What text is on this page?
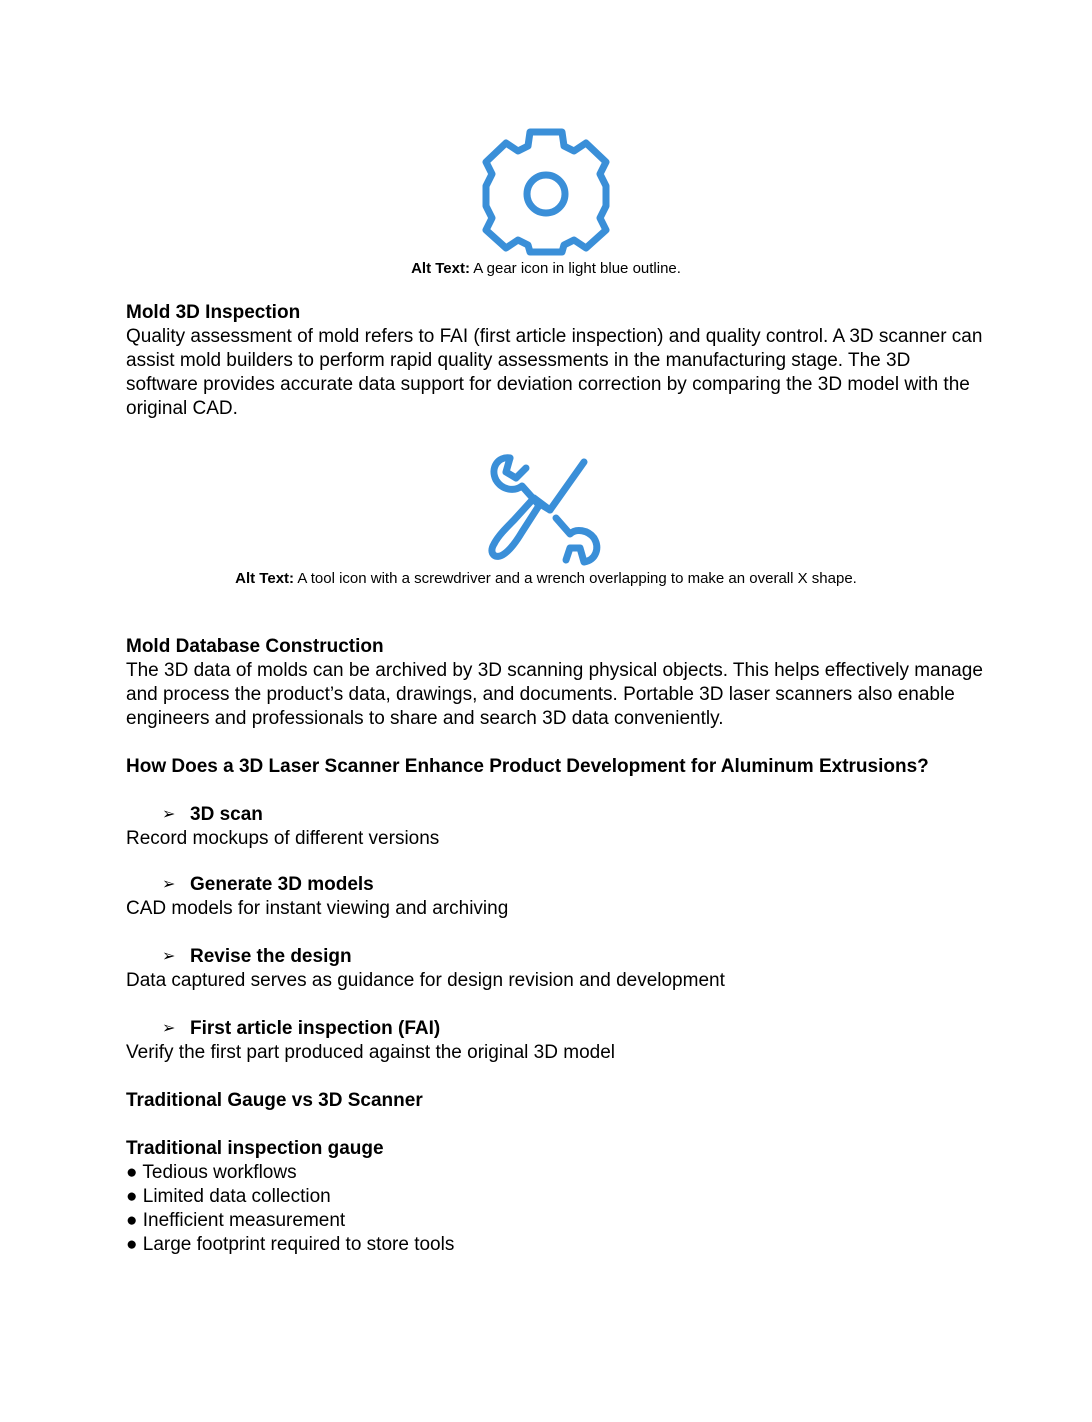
Alt Text: A gear icon in light blue outline.

Mold 3D Inspection

Quality assessment of mold refers to FAI (first article inspection) and quality control. A 3D scanner can assist mold builders to perform rapid quality assessments in the manufacturing stage. The 3D software provides accurate data support for deviation correction by comparing the 3D model with the original CAD.

Alt Text: A tool icon with a screwdriver and a wrench overlapping to make an overall X shape.

Mold Database Construction

The 3D data of molds can be archived by 3D scanning physical objects. This helps effectively manage and process the product’s data, drawings, and documents. Portable 3D laser scanners also enable engineers and professionals to share and search 3D data conveniently.

How Does a 3D Laser Scanner Enhance Product Development for Aluminum Extrusions?

➢ 3D scan

Record mockups of different versions

➢ Generate 3D models

CAD models for instant viewing and archiving

➢ Revise the design

Data captured serves as guidance for design revision and development

➢ First article inspection (FAI)

Verify the first part produced against the original 3D model

Traditional Gauge vs 3D Scanner

Traditional inspection gauge

● Tedious workflows

● Limited data collection

● Inefficient measurement

● Large footprint required to store tools
